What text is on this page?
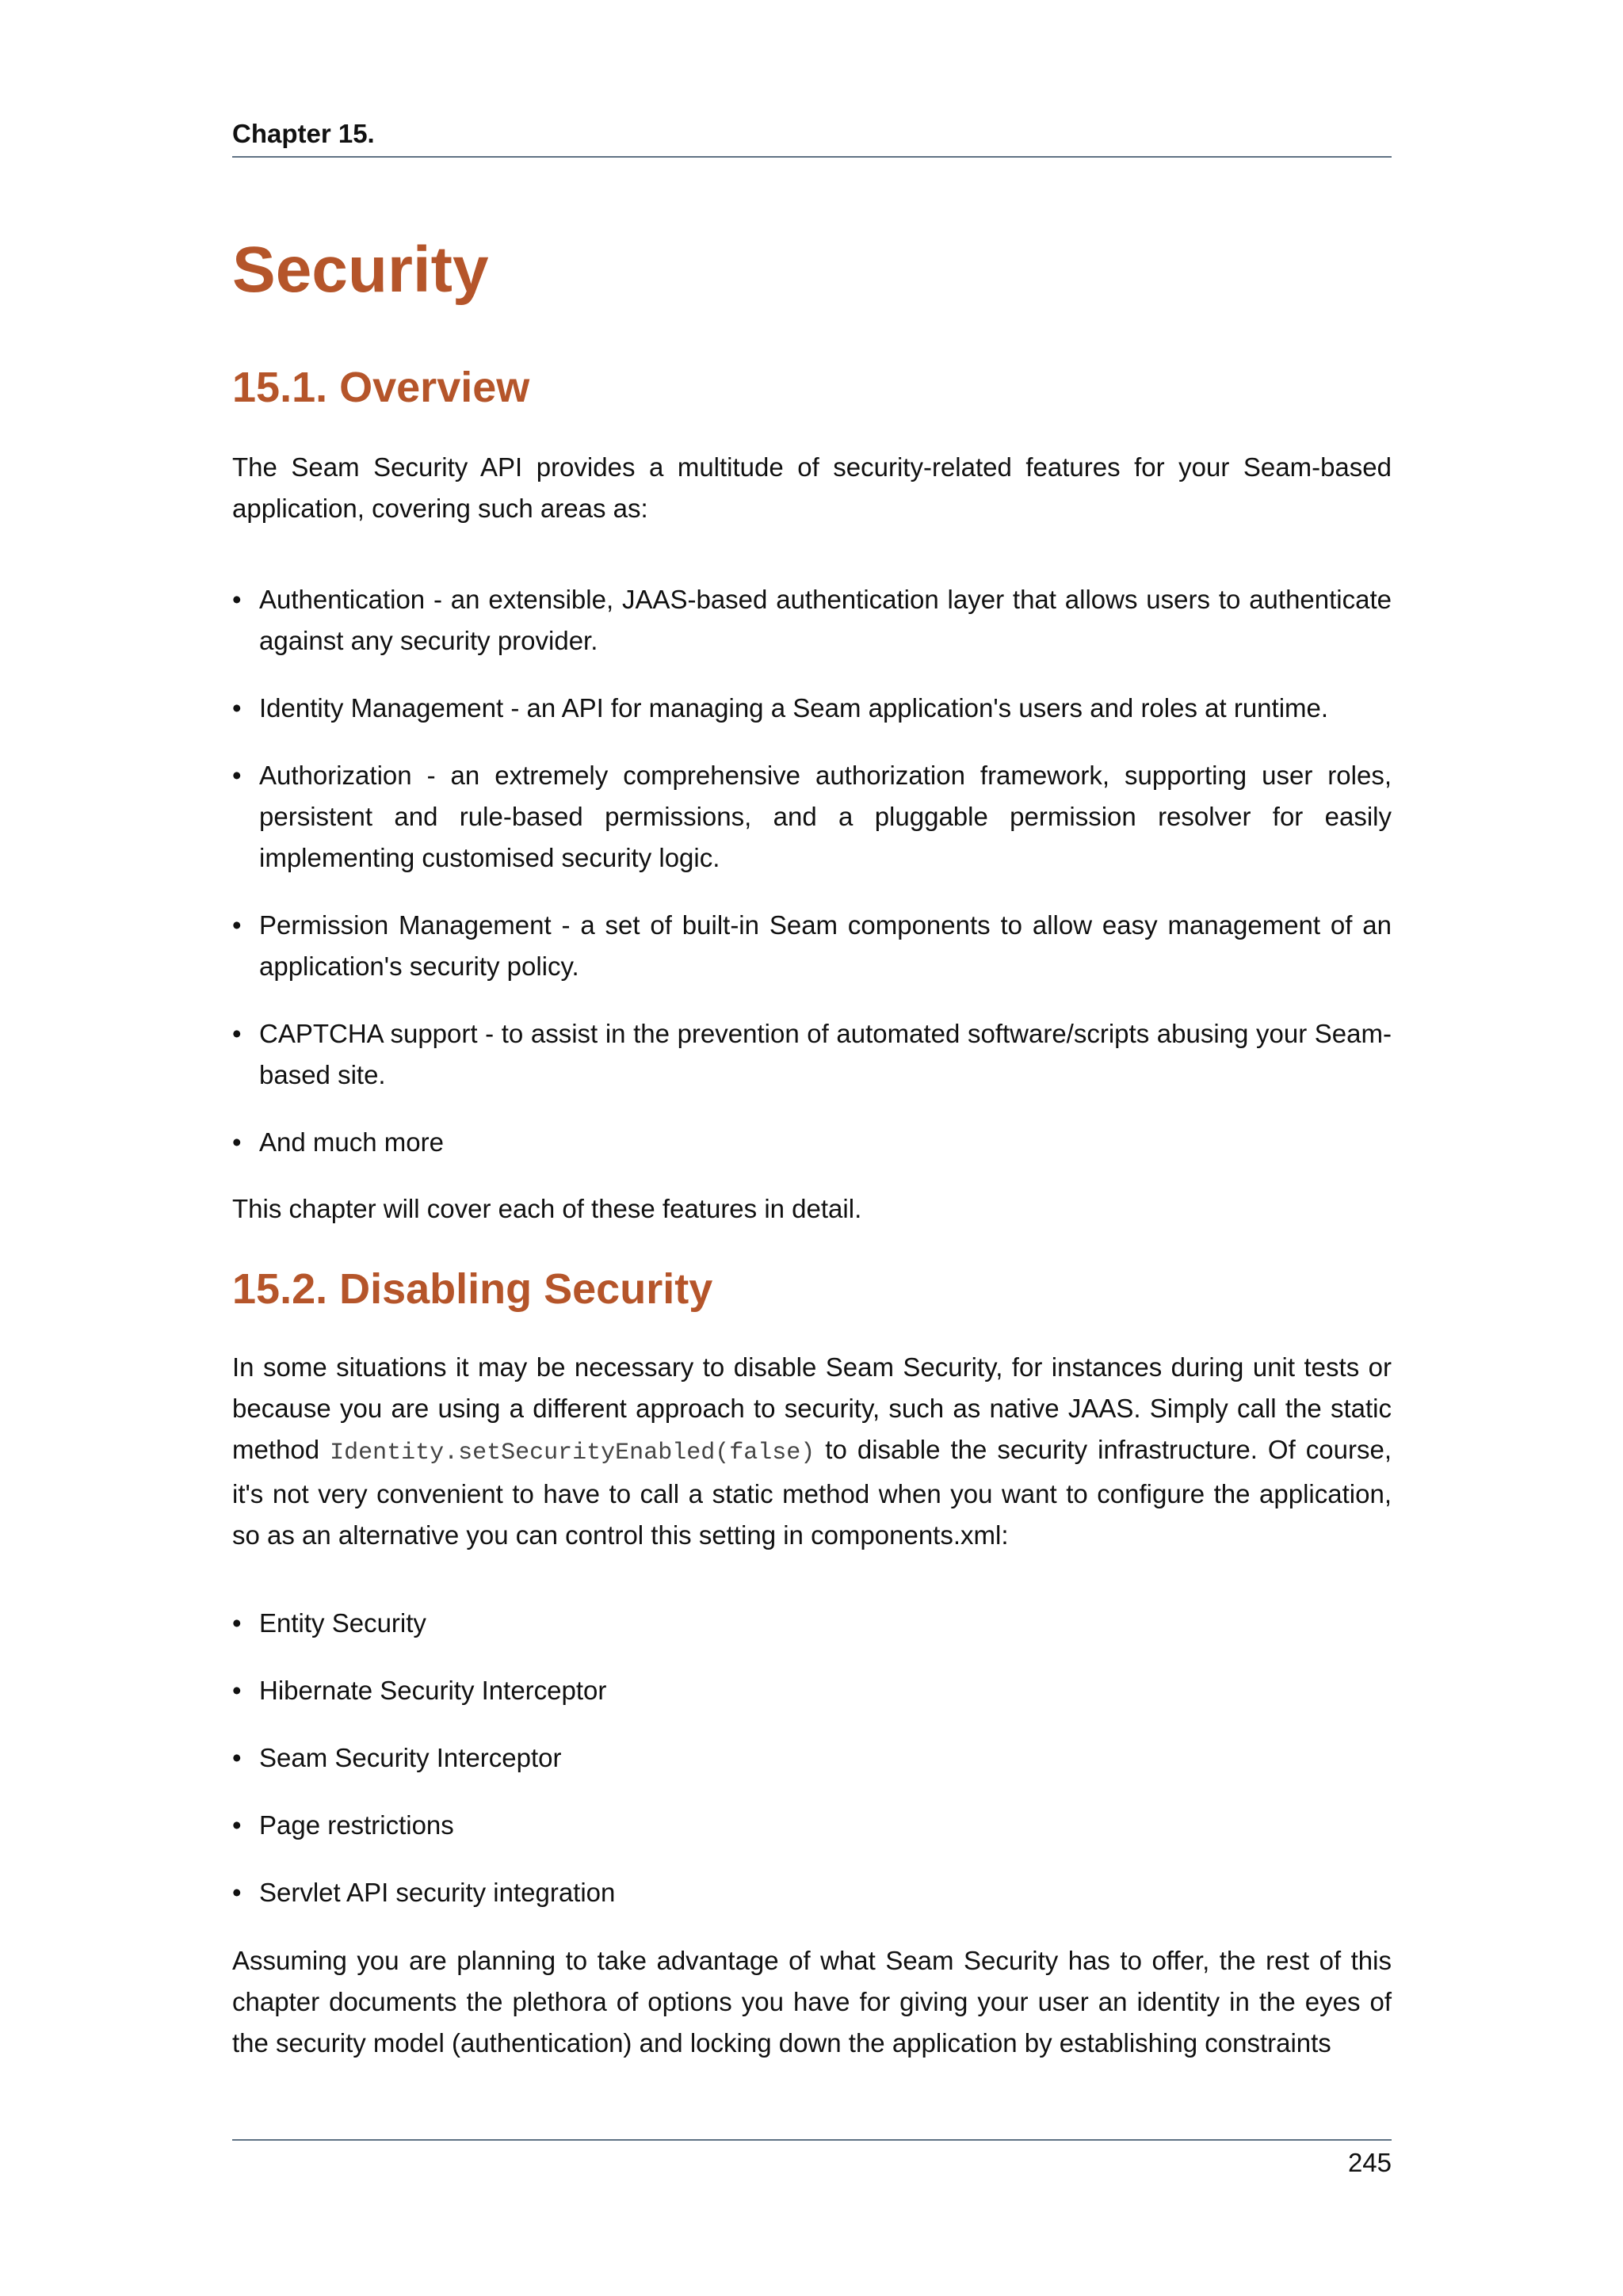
Chapter 15.
Security
15.1. Overview

The Seam Security API provides a multitude of security-related features for your Seam-based application, covering such areas as:

• Authentication - an extensible, JAAS-based authentication layer that allows users to authenticate against any security provider.
• Identity Management - an API for managing a Seam application's users and roles at runtime.
• Authorization - an extremely comprehensive authorization framework, supporting user roles, persistent and rule-based permissions, and a pluggable permission resolver for easily implementing customised security logic.
• Permission Management - a set of built-in Seam components to allow easy management of an application's security policy.
• CAPTCHA support - to assist in the prevention of automated software/scripts abusing your Seam-based site.
• And much more

This chapter will cover each of these features in detail.

15.2. Disabling Security

In some situations it may be necessary to disable Seam Security, for instances during unit tests or because you are using a different approach to security, such as native JAAS. Simply call the static method Identity.setSecurityEnabled(false) to disable the security infrastructure. Of course, it's not very convenient to have to call a static method when you want to configure the application, so as an alternative you can control this setting in components.xml:

• Entity Security
• Hibernate Security Interceptor
• Seam Security Interceptor
• Page restrictions
• Servlet API security integration

Assuming you are planning to take advantage of what Seam Security has to offer, the rest of this chapter documents the plethora of options you have for giving your user an identity in the eyes of the security model (authentication) and locking down the application by establishing constraints

245
